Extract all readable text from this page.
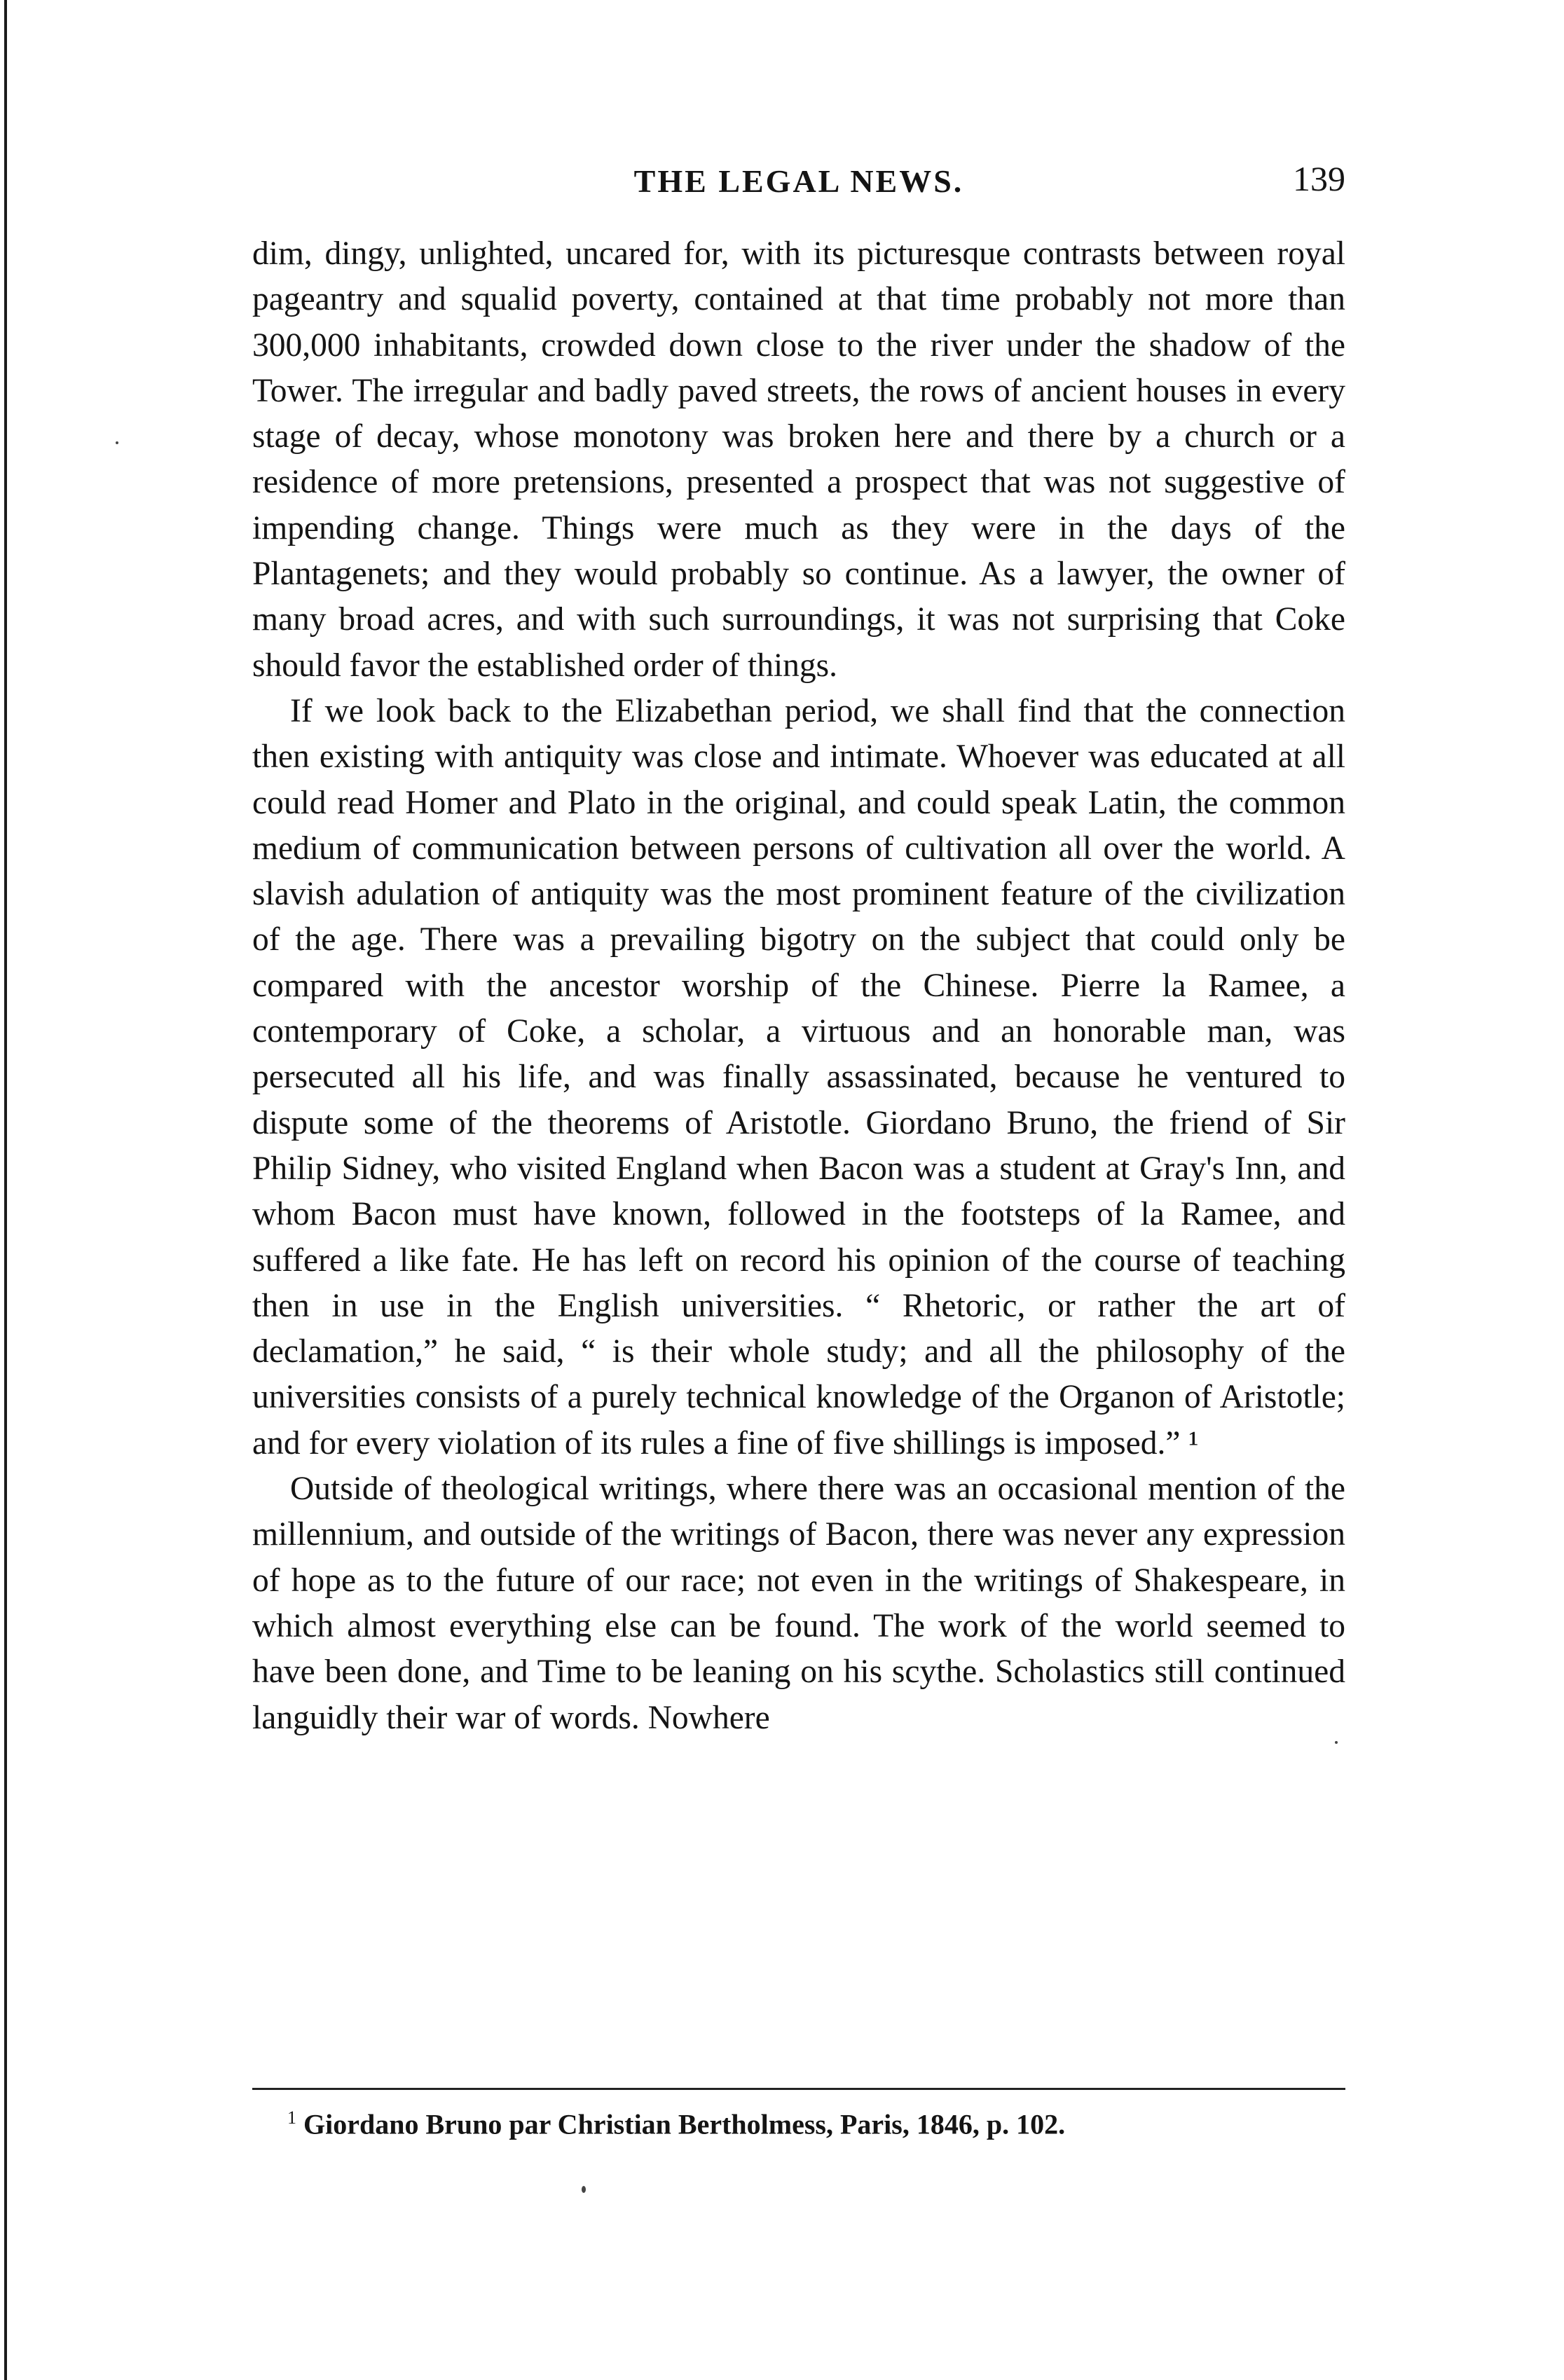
THE LEGAL NEWS.	139

dim, dingy, unlighted, uncared for, with its picturesque contrasts between royal pageantry and squalid poverty, contained at that time probably not more than 300,000 inhabitants, crowded down close to the river under the shadow of the Tower. The irregular and badly paved streets, the rows of ancient houses in every stage of decay, whose monotony was broken here and there by a church or a residence of more pretensions, presented a prospect that was not suggestive of impending change. Things were much as they were in the days of the Plantagenets; and they would probably so continue. As a lawyer, the owner of many broad acres, and with such surroundings, it was not surprising that Coke should favor the established order of things.

If we look back to the Elizabethan period, we shall find that the connection then existing with antiquity was close and intimate. Whoever was educated at all could read Homer and Plato in the original, and could speak Latin, the common medium of communication between persons of cultivation all over the world. A slavish adulation of antiquity was the most prominent feature of the civilization of the age. There was a prevailing bigotry on the subject that could only be compared with the ancestor worship of the Chinese. Pierre la Ramee, a contemporary of Coke, a scholar, a virtuous and an honorable man, was persecuted all his life, and was finally assassinated, because he ventured to dispute some of the theorems of Aristotle. Giordano Bruno, the friend of Sir Philip Sidney, who visited England when Bacon was a student at Gray's Inn, and whom Bacon must have known, followed in the footsteps of la Ramee, and suffered a like fate. He has left on record his opinion of the course of teaching then in use in the English universities. “ Rhetoric, or rather the art of declamation,” he said, “ is their whole study; and all the philosophy of the universities consists of a purely technical knowledge of the Organon of Aristotle; and for every violation of its rules a fine of five shillings is imposed.” ¹

Outside of theological writings, where there was an occasional mention of the millennium, and outside of the writings of Bacon, there was never any expression of hope as to the future of our race; not even in the writings of Shakespeare, in which almost everything else can be found. The work of the world seemed to have been done, and Time to be leaning on his scythe. Scholastics still continued languidly their war of words. Nowhere

$^1$ Giordano Bruno par Christian Bertholmess, Paris, 1846, p. 102.
